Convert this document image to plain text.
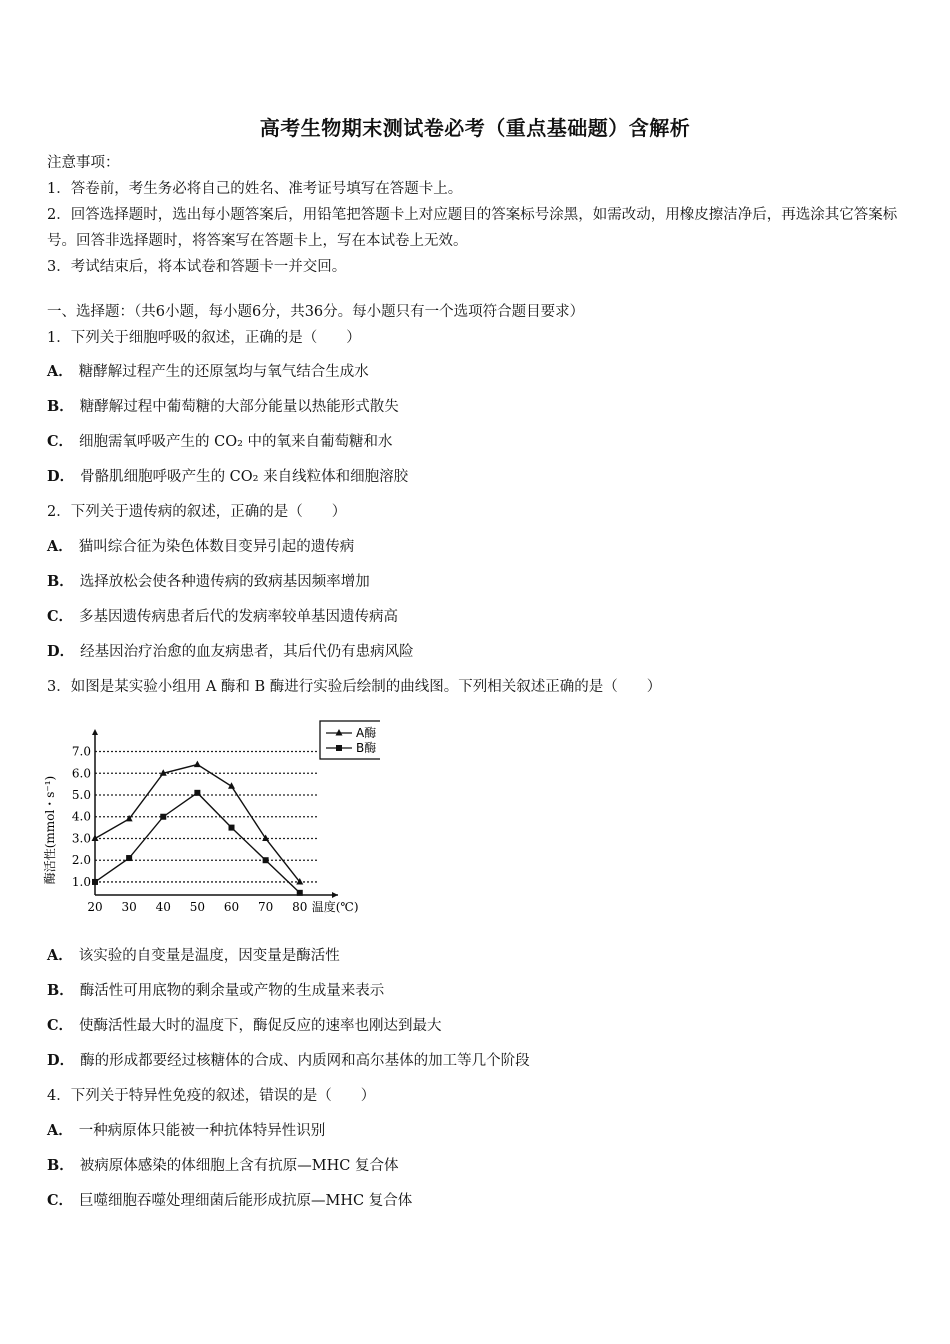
高考生物期末测试卷必考（重点基础题）含解析
注意事项：
1．答卷前，考生务必将自己的姓名、准考证号填写在答题卡上。
2．回答选择题时，选出每小题答案后，用铅笔把答题卡上对应题目的答案标号涂黑，如需改动，用橡皮擦洁净后，再选涂其它答案标号。回答非选择题时，将答案写在答题卡上，写在本试卷上无效。
3．考试结束后，将本试卷和答题卡一并交回。
一、选择题：（共6小题，每小题6分，共36分。每小题只有一个选项符合题目要求）
1．下列关于细胞呼吸的叙述，正确的是（　　）
A． 糖酵解过程产生的还原氢均与氧气结合生成水
B． 糖酵解过程中葡萄糖的大部分能量以热能形式散失
C． 细胞需氧呼吸产生的 CO₂ 中的氧来自葡萄糖和水
D． 骨骼肌细胞呼吸产生的 CO₂ 来自线粒体和细胞溶胶
2．下列关于遗传病的叙述，正确的是（　　）
A． 猫叫综合征为染色体数目变异引起的遗传病
B． 选择放松会使各种遗传病的致病基因频率增加
C． 多基因遗传病患者后代的发病率较单基因遗传病高
D． 经基因治疗治愈的血友病患者，其后代仍有患病风险
3．如图是某实验小组用 A 酶和 B 酶进行实验后绘制的曲线图。下列相关叙述正确的是（　　）
1.0
2.0
3.0
4.0
5.0
6.0
7.0
20 30 40 50 60 70 80 温度(℃)
酶活性(mmol・s⁻¹)
A酶
B酶
A． 该实验的自变量是温度，因变量是酶活性
B． 酶活性可用底物的剩余量或产物的生成量来表示
C． 使酶活性最大时的温度下，酶促反应的速率也刚达到最大
D． 酶的形成都要经过核糖体的合成、内质网和高尔基体的加工等几个阶段
4．下列关于特异性免疫的叙述，错误的是（　　）
A． 一种病原体只能被一种抗体特异性识别
B． 被病原体感染的体细胞上含有抗原—MHC 复合体
C． 巨噬细胞吞噬处理细菌后能形成抗原—MHC 复合体
